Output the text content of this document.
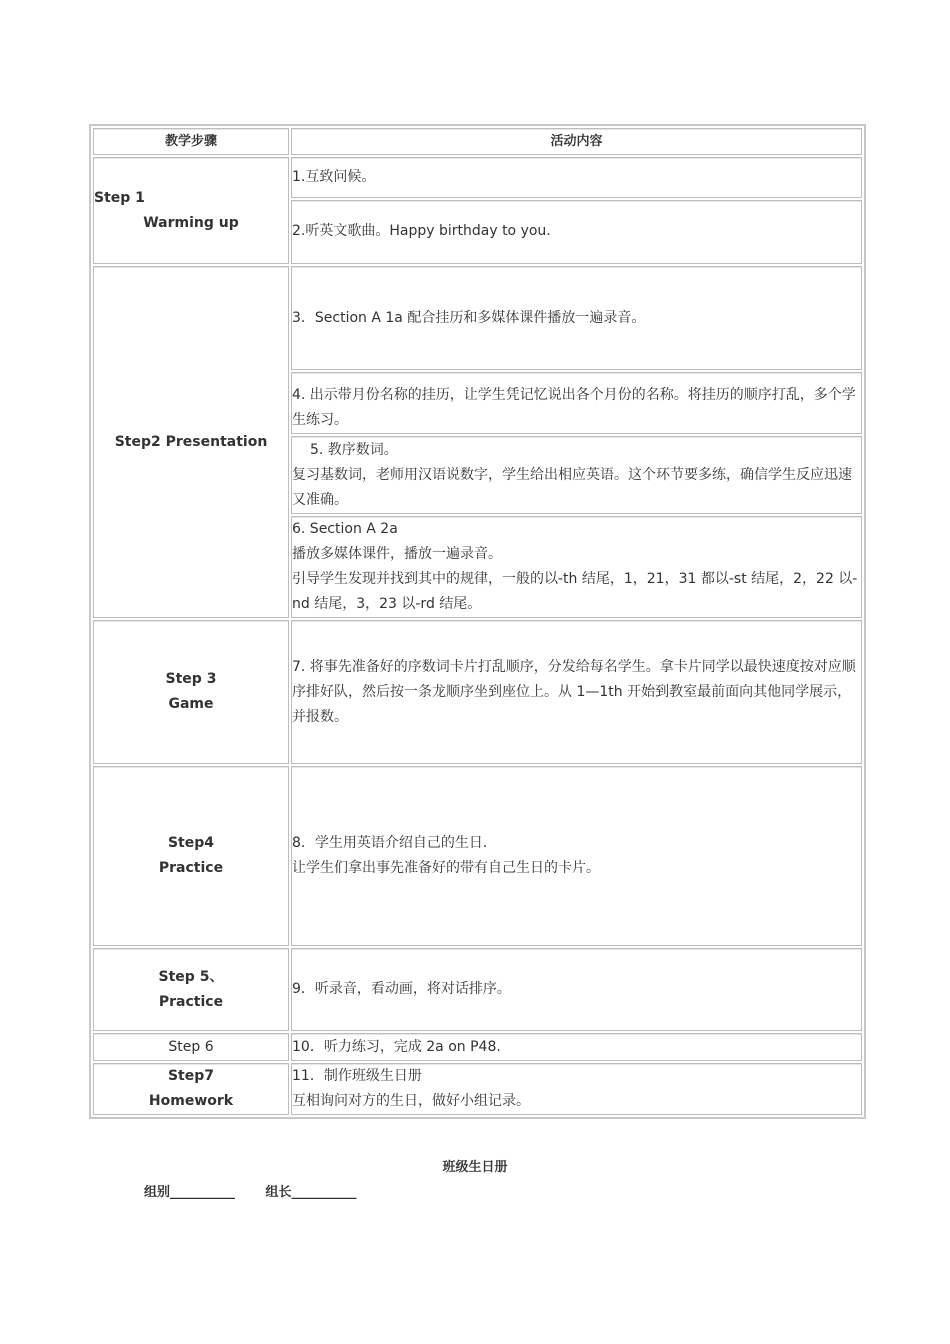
教学步骤	活动内容

Step 1
Warming up	1.互致问候。
	2.听英文歌曲。Happy birthday to you.

Step2 Presentation	3．Section A 1a 配合挂历和多媒体课件播放一遍录音。
	4. 出示带月份名称的挂历，让学生凭记忆说出各个月份的名称。将挂历的顺序打乱，多个学生练习。

	5. 教序数词。
复习基数词，老师用汉语说数字，学生给出相应英语。这个环节要多练，确信学生反应迅速又准确。

	6. Section A 2a
播放多媒体课件，播放一遍录音。
引导学生发现并找到其中的规律，一般的以-th 结尾，1，21，31 都以-st 结尾，2，22 以-nd 结尾，3，23 以-rd 结尾。

Step 3
Game	7. 将事先准备好的序数词卡片打乱顺序，分发给每名学生。拿卡片同学以最快速度按对应顺序排好队，然后按一条龙顺序坐到座位上。从 1—1th 开始到教室最前面向其他同学展示，并报数。

Step4
Practice	8．学生用英语介绍自己的生日.
让学生们拿出事先准备好的带有自己生日的卡片。

Step 5、
Practice	9．听录音，看动画，将对话排序。
Step 6	10．听力练习，完成 2a on P48.

Step7
Homework	11．制作班级生日册
互相询问对方的生日，做好小组记录。
班级生日册
组别__________ 组长__________
